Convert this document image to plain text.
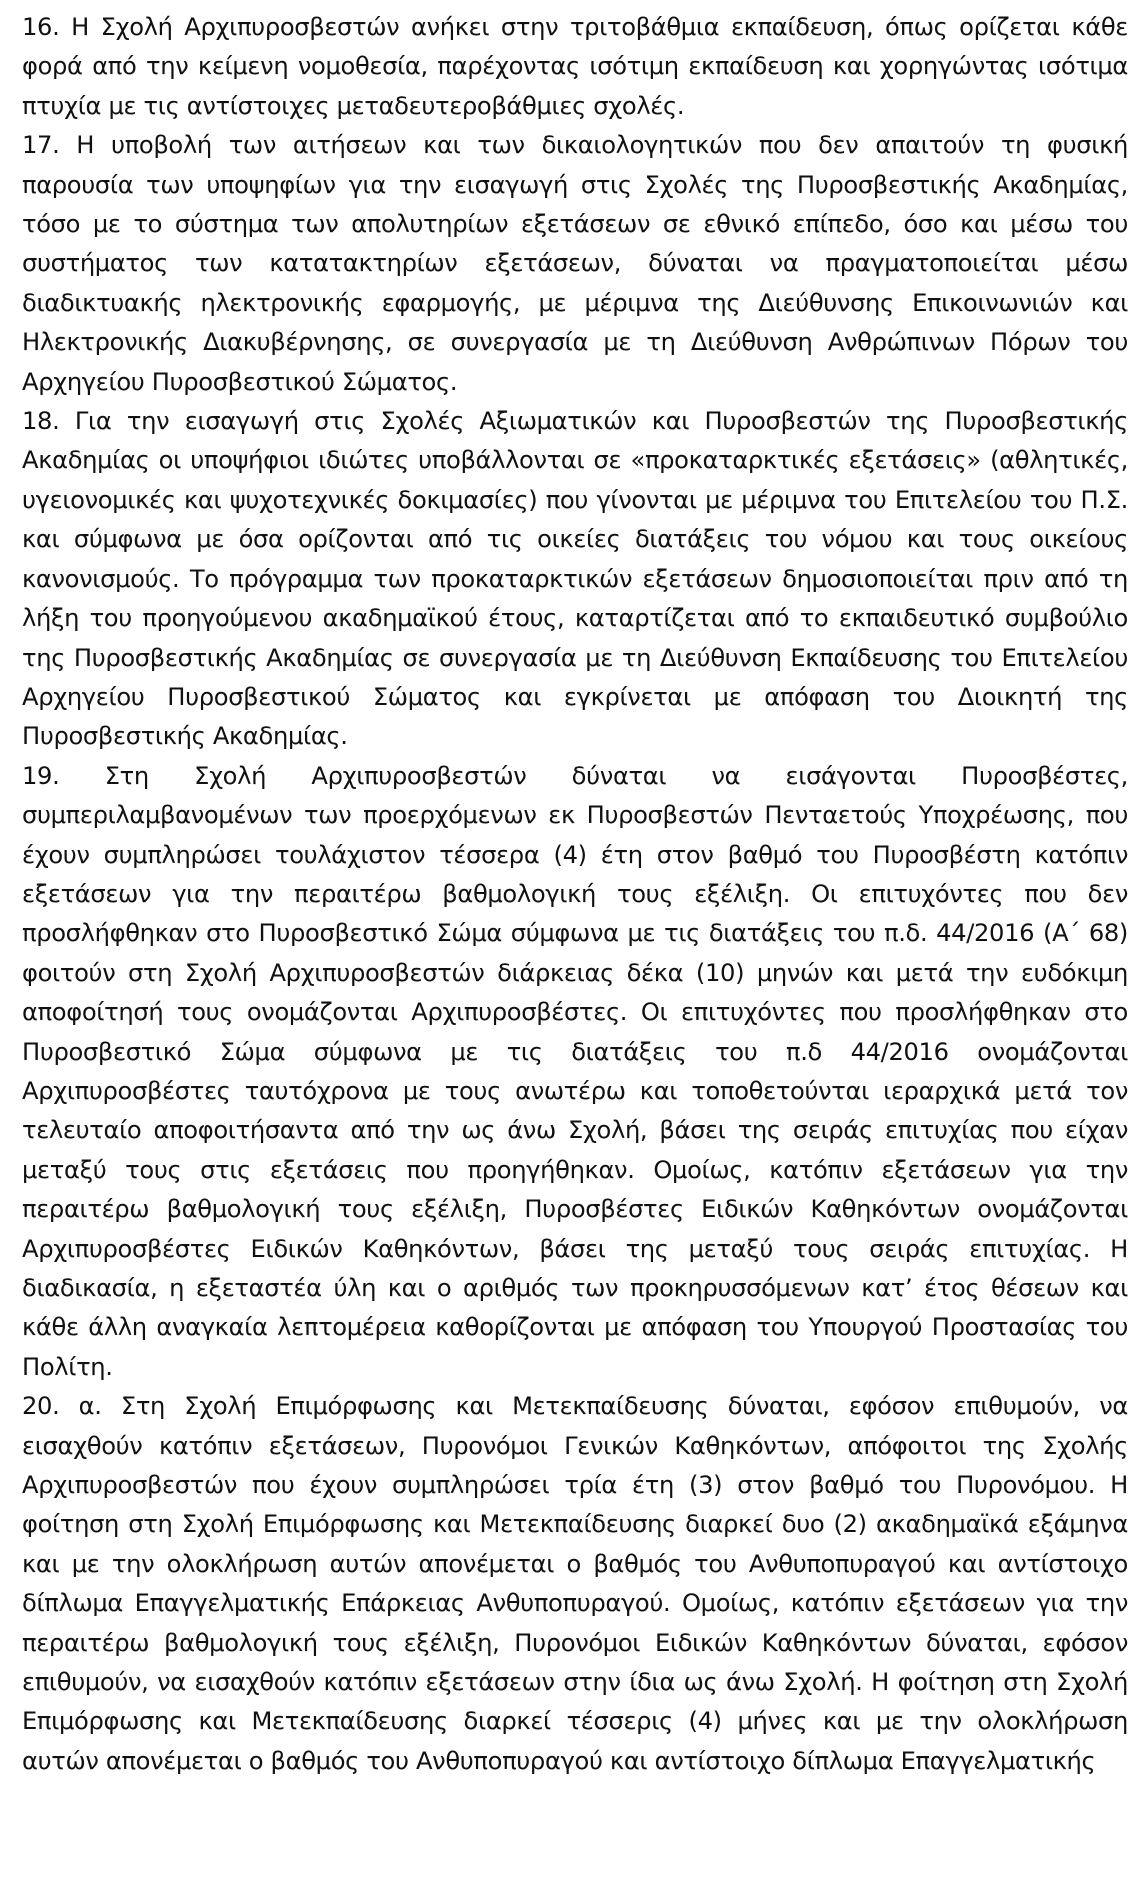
16. Η Σχολή Αρχιπυροσβεστών ανήκει στην τριτοβάθμια εκπαίδευση, όπως ορίζεται κάθε φορά από την κείμενη νομοθεσία, παρέχοντας ισότιμη εκπαίδευση και χορηγώντας ισότιμα πτυχία με τις αντίστοιχες μεταδευτεροβάθμιες σχολές.

17. Η υποβολή των αιτήσεων και των δικαιολογητικών που δεν απαιτούν τη φυσική παρουσία των υποψηφίων για την εισαγωγή στις Σχολές της Πυροσβεστικής Ακαδημίας, τόσο με το σύστημα των απολυτηρίων εξετάσεων σε εθνικό επίπεδο, όσο και μέσω του συστήματος των κατατακτηρίων εξετάσεων, δύναται να πραγματοποιείται μέσω διαδικτυακής ηλεκτρονικής εφαρμογής, με μέριμνα της Διεύθυνσης Επικοινωνιών και Ηλεκτρονικής Διακυβέρνησης, σε συνεργασία με τη Διεύθυνση Ανθρώπινων Πόρων του Αρχηγείου Πυροσβεστικού Σώματος.

18. Για την εισαγωγή στις Σχολές Αξιωματικών και Πυροσβεστών της Πυροσβεστικής Ακαδημίας οι υποψήφιοι ιδιώτες υποβάλλονται σε «προκαταρκτικές εξετάσεις» (αθλητικές, υγειονομικές και ψυχοτεχνικές δοκιμασίες) που γίνονται με μέριμνα του Επιτελείου του Π.Σ. και σύμφωνα με όσα ορίζονται από τις οικείες διατάξεις του νόμου και τους οικείους κανονισμούς. Το πρόγραμμα των προκαταρκτικών εξετάσεων δημοσιοποιείται πριν από τη λήξη του προηγούμενου ακαδημαϊκού έτους, καταρτίζεται από το εκπαιδευτικό συμβούλιο της Πυροσβεστικής Ακαδημίας σε συνεργασία με τη Διεύθυνση Εκπαίδευσης του Επιτελείου Αρχηγείου Πυροσβεστικού Σώματος και εγκρίνεται με απόφαση του Διοικητή της Πυροσβεστικής Ακαδημίας.

19. Στη Σχολή Αρχιπυροσβεστών δύναται να εισάγονται Πυροσβέστες, συμπεριλαμβανομένων των προερχόμενων εκ Πυροσβεστών Πενταετούς Υποχρέωσης, που έχουν συμπληρώσει τουλάχιστον τέσσερα (4) έτη στον βαθμό του Πυροσβέστη κατόπιν εξετάσεων για την περαιτέρω βαθμολογική τους εξέλιξη. Οι επιτυχόντες που δεν προσλήφθηκαν στο Πυροσβεστικό Σώμα σύμφωνα με τις διατάξεις του π.δ. 44/2016 (Α΄ 68) φοιτούν στη Σχολή Αρχιπυροσβεστών διάρκειας δέκα (10) μηνών και μετά την ευδόκιμη αποφοίτησή τους ονομάζονται Αρχιπυροσβέστες. Οι επιτυχόντες που προσλήφθηκαν στο Πυροσβεστικό Σώμα σύμφωνα με τις διατάξεις του π.δ 44/2016 ονομάζονται Αρχιπυροσβέστες ταυτόχρονα με τους ανωτέρω και τοποθετούνται ιεραρχικά μετά τον τελευταίο αποφοιτήσαντα από την ως άνω Σχολή, βάσει της σειράς επιτυχίας που είχαν μεταξύ τους στις εξετάσεις που προηγήθηκαν. Ομοίως, κατόπιν εξετάσεων για την περαιτέρω βαθμολογική τους εξέλιξη, Πυροσβέστες Ειδικών Καθηκόντων ονομάζονται Αρχιπυροσβέστες Ειδικών Καθηκόντων, βάσει της μεταξύ τους σειράς επιτυχίας. Η διαδικασία, η εξεταστέα ύλη και ο αριθμός των προκηρυσσόμενων κατ’ έτος θέσεων και κάθε άλλη αναγκαία λεπτομέρεια καθορίζονται με απόφαση του Υπουργού Προστασίας του Πολίτη.

20. α. Στη Σχολή Επιμόρφωσης και Μετεκπαίδευσης δύναται, εφόσον επιθυμούν, να εισαχθούν κατόπιν εξετάσεων, Πυρονόμοι Γενικών Καθηκόντων, απόφοιτοι της Σχολής Αρχιπυροσβεστών που έχουν συμπληρώσει τρία έτη (3) στον βαθμό του Πυρονόμου. Η φοίτηση στη Σχολή Επιμόρφωσης και Μετεκπαίδευσης διαρκεί δυο (2) ακαδημαϊκά εξάμηνα και με την ολοκλήρωση αυτών απονέμεται ο βαθμός του Ανθυποπυραγού και αντίστοιχο δίπλωμα Επαγγελματικής Επάρκειας Ανθυποπυραγού. Ομοίως, κατόπιν εξετάσεων για την περαιτέρω βαθμολογική τους εξέλιξη, Πυρονόμοι Ειδικών Καθηκόντων δύναται, εφόσον επιθυμούν, να εισαχθούν κατόπιν εξετάσεων στην ίδια ως άνω Σχολή. Η φοίτηση στη Σχολή Επιμόρφωσης και Μετεκπαίδευσης διαρκεί τέσσερις (4) μήνες και με την ολοκλήρωση αυτών απονέμεται ο βαθμός του Ανθυποπυραγού και αντίστοιχο δίπλωμα Επαγγελματικής
